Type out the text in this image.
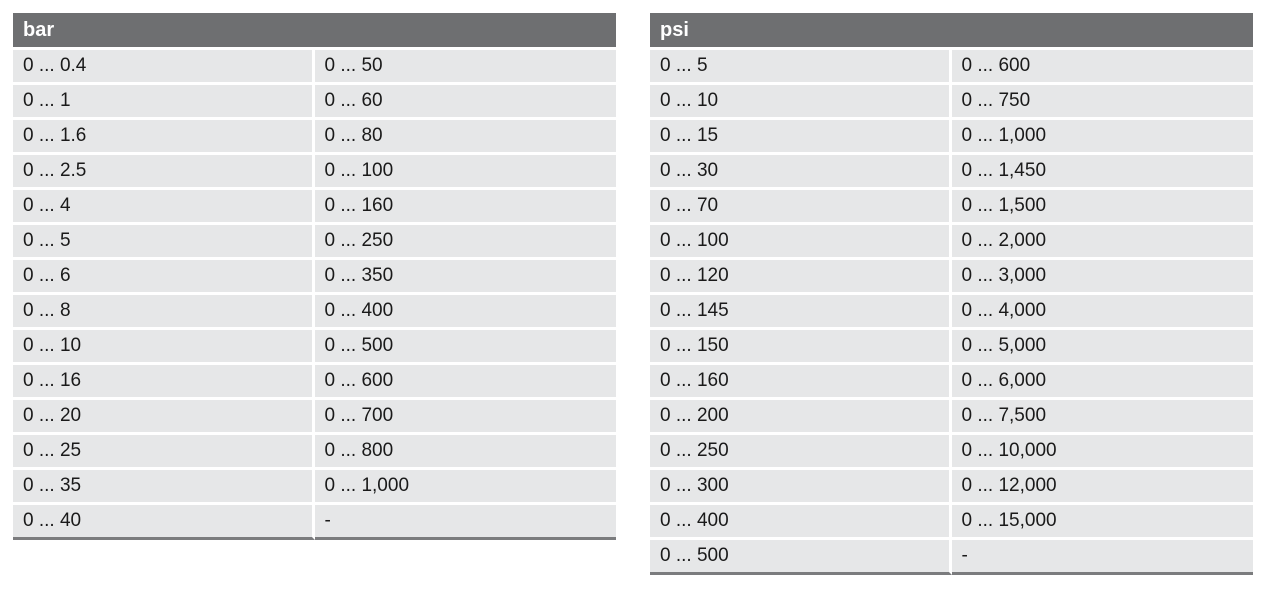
bar	
0 ... 0.4	0 ... 50
0 ... 1	0 ... 60
0 ... 1.6	0 ... 80
0 ... 2.5	0 ... 100
0 ... 4	0 ... 160
0 ... 5	0 ... 250
0 ... 6	0 ... 350
0 ... 8	0 ... 400
0 ... 10	0 ... 500
0 ... 16	0 ... 600
0 ... 20	0 ... 700
0 ... 25	0 ... 800
0 ... 35	0 ... 1,000
0 ... 40	-
psi	
0 ... 5	0 ... 600
0 ... 10	0 ... 750
0 ... 15	0 ... 1,000
0 ... 30	0 ... 1,450
0 ... 70	0 ... 1,500
0 ... 100	0 ... 2,000
0 ... 120	0 ... 3,000
0 ... 145	0 ... 4,000
0 ... 150	0 ... 5,000
0 ... 160	0 ... 6,000
0 ... 200	0 ... 7,500
0 ... 250	0 ... 10,000
0 ... 300	0 ... 12,000
0 ... 400	0 ... 15,000
0 ... 500	-
